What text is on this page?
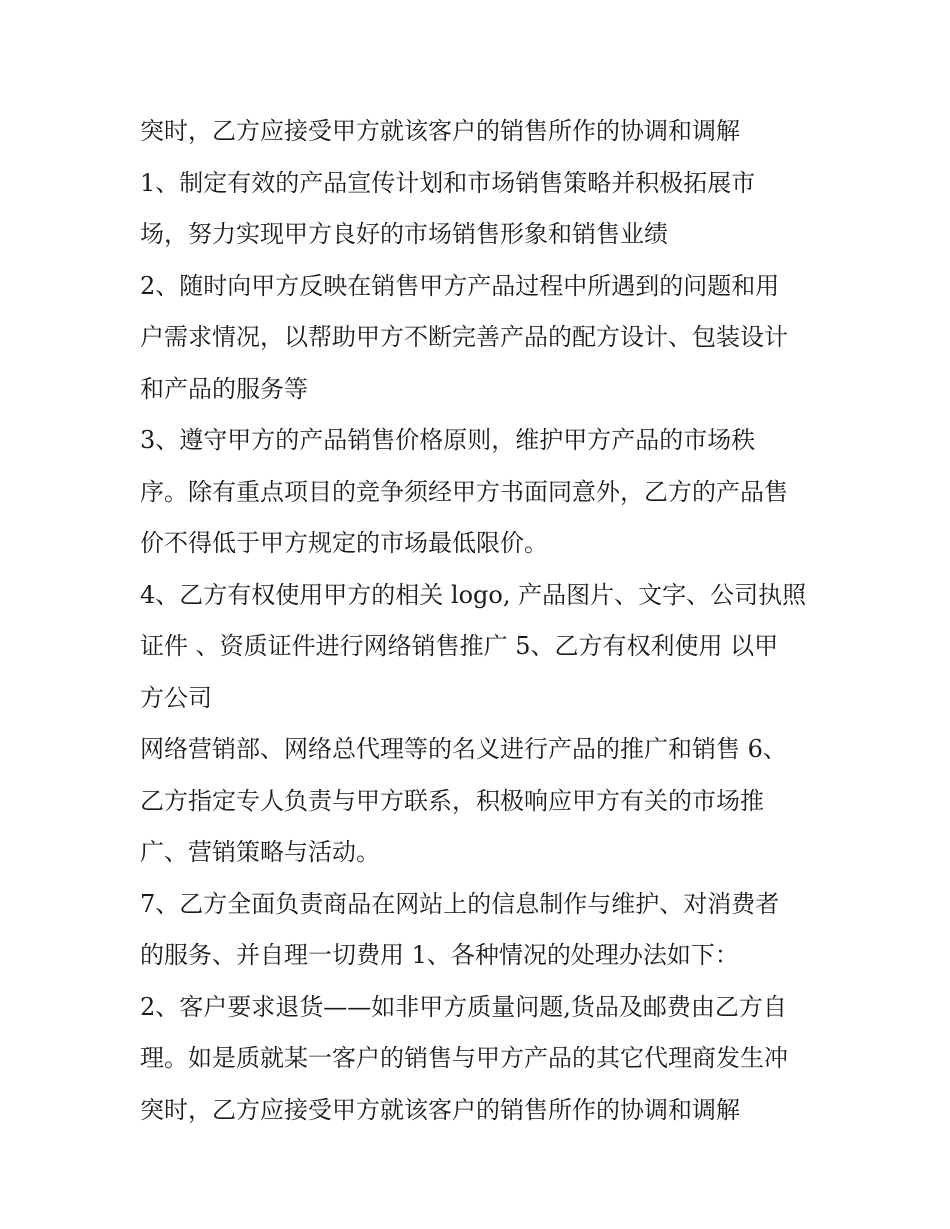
突时，乙方应接受甲方就该客户的销售所作的协调和调解
1、制定有效的产品宣传计划和市场销售策略并积极拓展市
场，努力实现甲方良好的市场销售形象和销售业绩
2、随时向甲方反映在销售甲方产品过程中所遇到的问题和用
户需求情况，以帮助甲方不断完善产品的配方设计、包装设计
和产品的服务等
3、遵守甲方的产品销售价格原则，维护甲方产品的市场秩
序。除有重点项目的竞争须经甲方书面同意外，乙方的产品售
价不得低于甲方规定的市场最低限价。
4、乙方有权使用甲方的相关 logo, 产品图片、文字、公司执照
证件 、资质证件进行网络销售推广 5、乙方有权利使用 以甲
方公司
网络营销部、网络总代理等的名义进行产品的推广和销售 6、
乙方指定专人负责与甲方联系，积极响应甲方有关的市场推
广、营销策略与活动。
7、乙方全面负责商品在网站上的信息制作与维护、对消费者
的服务、并自理一切费用 1、各种情况的处理办法如下：
2、客户要求退货——如非甲方质量问题,货品及邮费由乙方自
理。如是质就某一客户的销售与甲方产品的其它代理商发生冲
突时，乙方应接受甲方就该客户的销售所作的协调和调解
